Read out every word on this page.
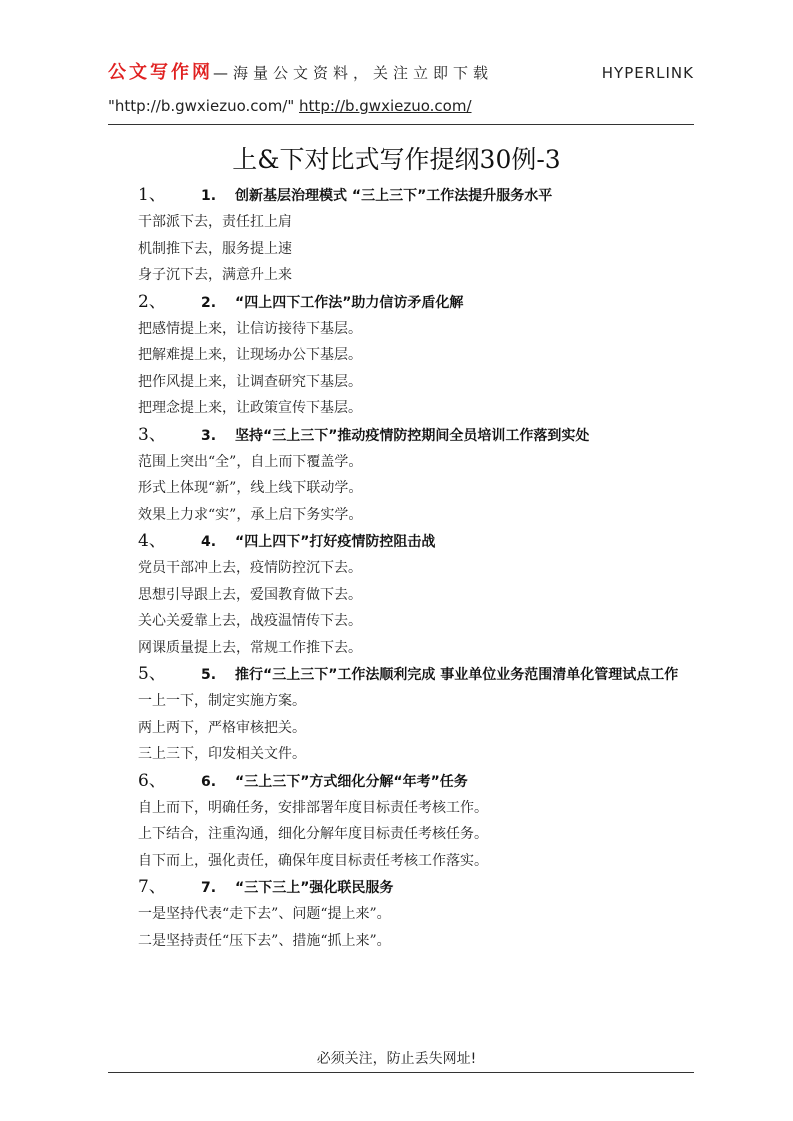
公文写作网—海量公文资料，关注立即下载	HYPERLINK
"http://b.gwxiezuo.com/" http://b.gwxiezuo.com/
上&下对比式写作提纲30例-3
1、	1. 创新基层治理模式 “三上三下”工作法提升服务水平
干部派下去，责任扛上肩
机制推下去，服务提上速
身子沉下去，满意升上来
2、	2. “四上四下工作法”助力信访矛盾化解
把感情提上来，让信访接待下基层。
把解难提上来，让现场办公下基层。
把作风提上来，让调查研究下基层。
把理念提上来，让政策宣传下基层。
3、	3. 坚持“三上三下”推动疫情防控期间全员培训工作落到实处
范围上突出“全”，自上而下覆盖学。
形式上体现“新”，线上线下联动学。
效果上力求“实”，承上启下务实学。
4、	4. “四上四下”打好疫情防控阻击战
党员干部冲上去，疫情防控沉下去。
思想引导跟上去，爱国教育做下去。
关心关爱靠上去，战疫温情传下去。
网课质量提上去，常规工作推下去。
5、	5. 推行“三上三下”工作法顺利完成 事业单位业务范围清单化管理试点工作
一上一下，制定实施方案。
两上两下，严格审核把关。
三上三下，印发相关文件。
6、	6. “三上三下”方式细化分解“年考”任务
自上而下，明确任务，安排部署年度目标责任考核工作。
上下结合，注重沟通，细化分解年度目标责任考核任务。
自下而上，强化责任，确保年度目标责任考核工作落实。
7、	7. “三下三上”强化联民服务
一是坚持代表“走下去”、问题“提上来”。
二是坚持责任“压下去”、措施“抓上来”。
必须关注，防止丢失网址!
